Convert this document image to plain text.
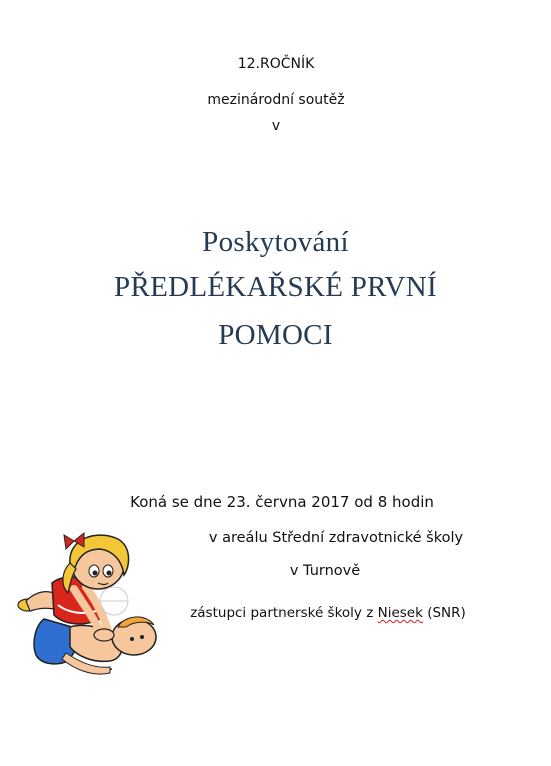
12.ROČNÍK
mezinárodní soutěž
v
Poskytování
PŘEDLÉKAŘSKÉ PRVNÍ
POMOCI
Koná se dne 23. června 2017 od 8 hodin
v areálu Střední zdravotnické školy
v Turnově
zástupci partnerské školy z Niesek (SNR)
